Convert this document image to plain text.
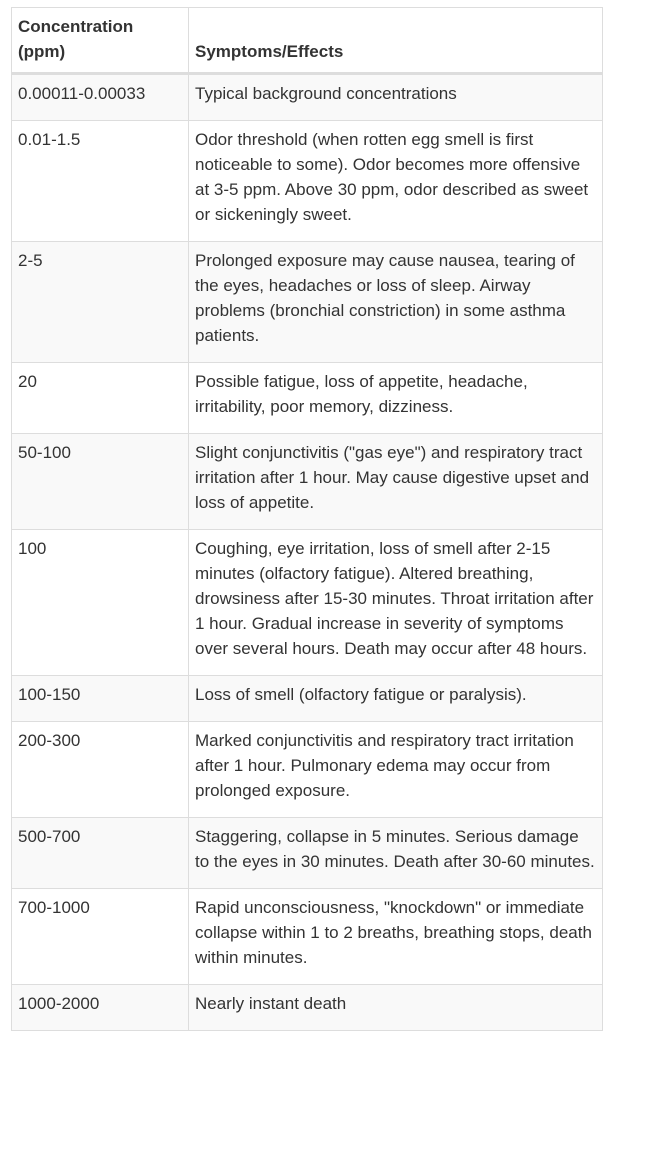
Concentration (ppm)	Symptoms/Effects
0.00011-0.00033	Typical background concentrations
0.01-1.5	Odor threshold (when rotten egg smell is first noticeable to some). Odor becomes more offensive at 3-5 ppm. Above 30 ppm, odor described as sweet or sickeningly sweet.
2-5	Prolonged exposure may cause nausea, tearing of the eyes, headaches or loss of sleep. Airway problems (bronchial constriction) in some asthma patients.
20	Possible fatigue, loss of appetite, headache, irritability, poor memory, dizziness.
50-100	Slight conjunctivitis ("gas eye") and respiratory tract irritation after 1 hour. May cause digestive upset and loss of appetite.
100	Coughing, eye irritation, loss of smell after 2-15 minutes (olfactory fatigue). Altered breathing, drowsiness after 15-30 minutes. Throat irritation after 1 hour. Gradual increase in severity of symptoms over several hours. Death may occur after 48 hours.
100-150	Loss of smell (olfactory fatigue or paralysis).
200-300	Marked conjunctivitis and respiratory tract irritation after 1 hour. Pulmonary edema may occur from prolonged exposure.
500-700	Staggering, collapse in 5 minutes. Serious damage to the eyes in 30 minutes. Death after 30-60 minutes.
700-1000	Rapid unconsciousness, "knockdown" or immediate collapse within 1 to 2 breaths, breathing stops, death within minutes.
1000-2000	Nearly instant death
